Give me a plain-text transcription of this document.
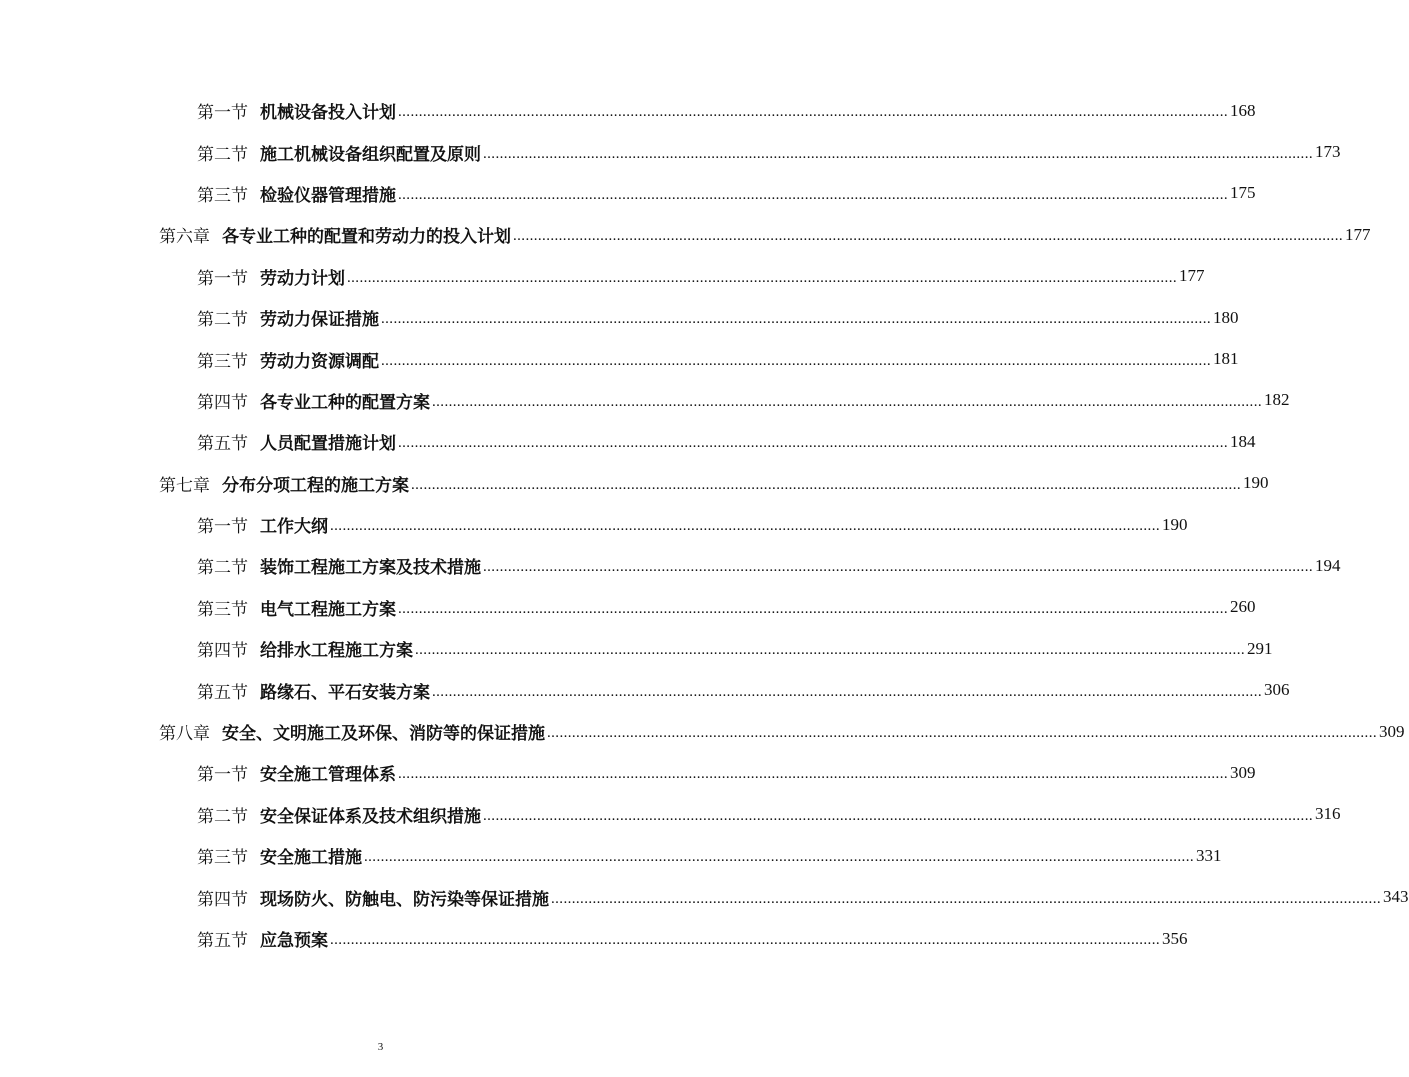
第一节 机械设备投入计划 ........................................................................................................................................................................................................ 168
第二节 施工机械设备组织配置及原则 ........................................................................................................................................................................................................ 173
第三节 检验仪器管理措施 ........................................................................................................................................................................................................ 175
第六章 各专业工种的配置和劳动力的投入计划 ........................................................................................................................................................................................................ 177
第一节 劳动力计划 ........................................................................................................................................................................................................ 177
第二节 劳动力保证措施 ........................................................................................................................................................................................................ 180
第三节 劳动力资源调配 ........................................................................................................................................................................................................ 181
第四节 各专业工种的配置方案 ........................................................................................................................................................................................................ 182
第五节 人员配置措施计划 ........................................................................................................................................................................................................ 184
第七章 分布分项工程的施工方案 ........................................................................................................................................................................................................ 190
第一节 工作大纲 ........................................................................................................................................................................................................ 190
第二节 装饰工程施工方案及技术措施 ........................................................................................................................................................................................................ 194
第三节 电气工程施工方案 ........................................................................................................................................................................................................ 260
第四节 给排水工程施工方案 ........................................................................................................................................................................................................ 291
第五节 路缘石、平石安装方案 ........................................................................................................................................................................................................ 306
第八章 安全、文明施工及环保、消防等的保证措施 ........................................................................................................................................................................................................ 309
第一节 安全施工管理体系 ........................................................................................................................................................................................................ 309
第二节 安全保证体系及技术组织措施 ........................................................................................................................................................................................................ 316
第三节 安全施工措施 ........................................................................................................................................................................................................ 331
第四节 现场防火、防触电、防污染等保证措施 ........................................................................................................................................................................................................ 343
第五节 应急预案 ........................................................................................................................................................................................................ 356
3
